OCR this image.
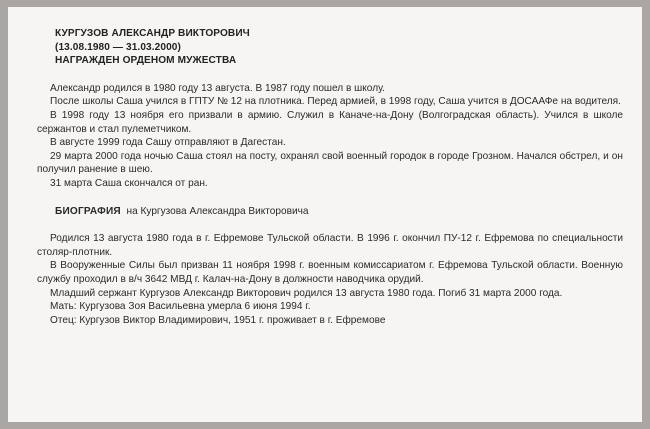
КУРГУЗОВ АЛЕКСАНДР ВИКТОРОВИЧ
(13.08.1980 — 31.03.2000)
НАГРАЖДЕН ОРДЕНОМ МУЖЕСТВА

Александр родился в 1980 году 13 августа. В 1987 году пошел в школу.

После школы Саша учился в ГПТУ № 12 на плотника. Перед армией, в 1998 году, Саша учится в ДОСААФе на водителя.

В 1998 году 13 ноября его призвали в армию. Служил в Каначе-на-Дону (Волгоградская область). Учился в школе сержантов и стал пулеметчиком.

В августе 1999 года Сашу отправляют в Дагестан.

29 марта 2000 года ночью Саша стоял на посту, охранял свой военный городок в городе Грозном. Начался обстрел, и он получил ранение в шею.

31 марта Саша скончался от ран.

БИОГРАФИЯ на Кургузова Александра Викторовича

Родился 13 августа 1980 года в г. Ефремове Тульской области. В 1996 г. окончил ПУ-12 г. Ефремова по специальности столяр-плотник.

В Вооруженные Силы был призван 11 ноября 1998 г. военным комиссариатом г. Ефремова Тульской области. Военную службу проходил в в/ч 3642 МВД г. Калач-на-Дону в должности наводчика орудий.

Младший сержант Кургузов Александр Викторович родился 13 августа 1980 года. Погиб 31 марта 2000 года.

Мать: Кургузова Зоя Васильевна умерла 6 июня 1994 г.

Отец: Кургузов Виктор Владимирович, 1951 г. проживает в г. Ефремове
